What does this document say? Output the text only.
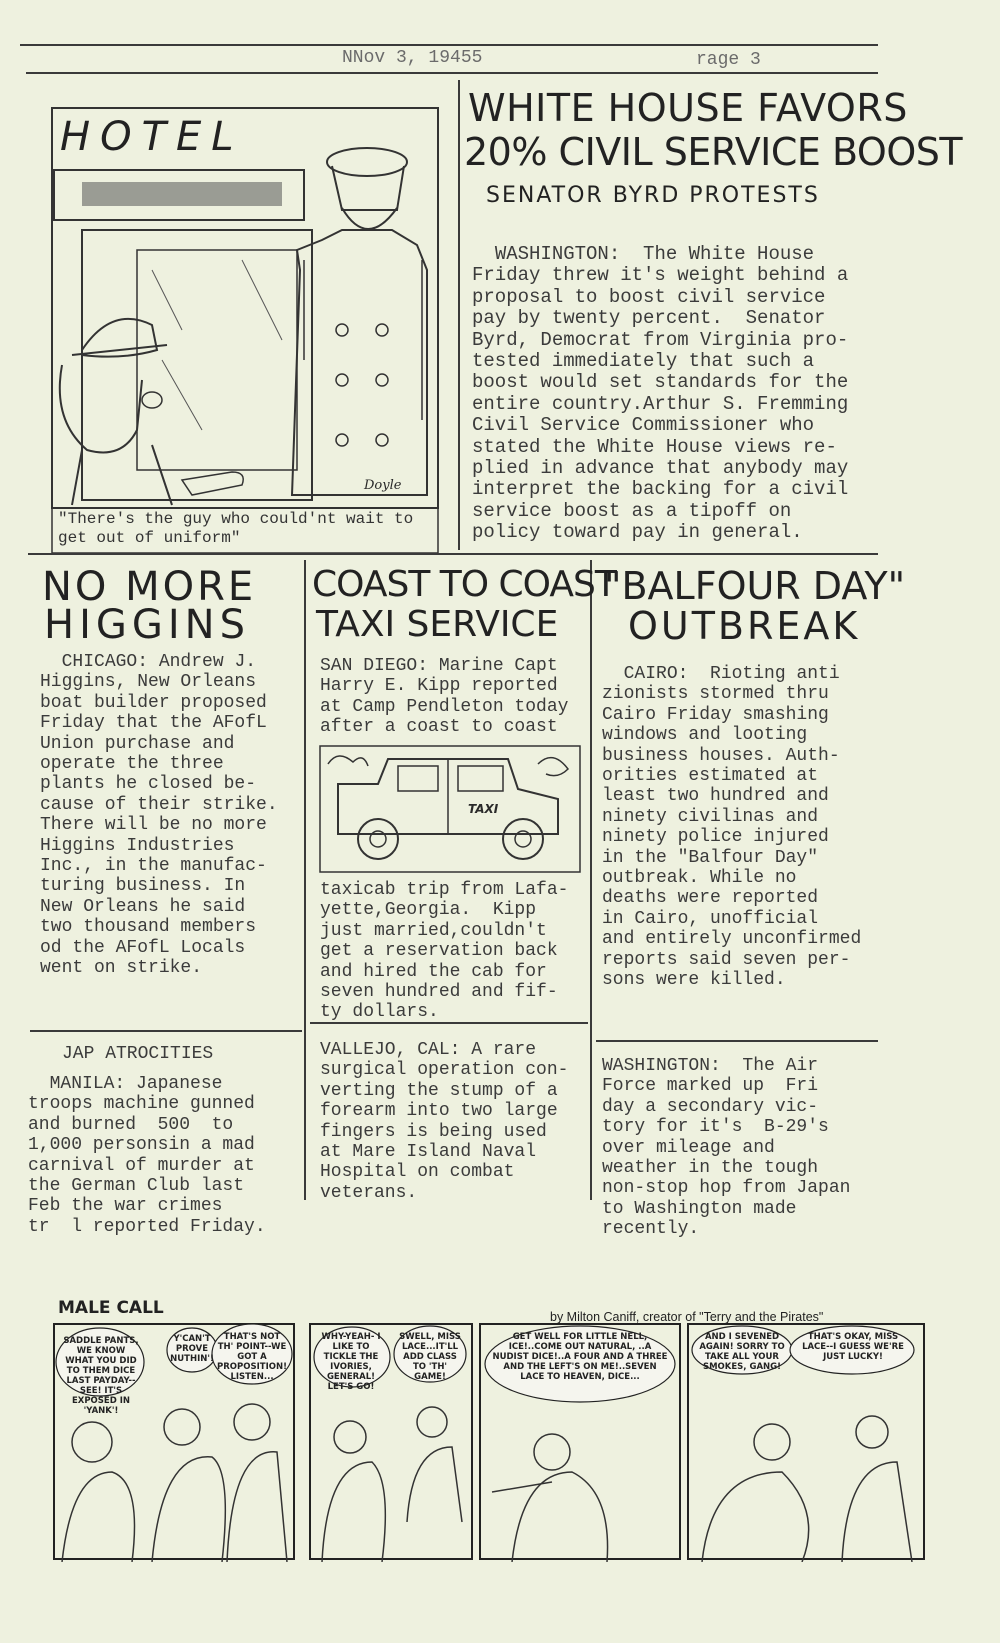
NNov 3, 19455	rage 3
HOTEL
Doyle
"There's the guy who could'nt wait to get out of uniform"
WHITE HOUSE FAVORS
20% CIVIL SERVICE BOOST
SENATOR BYRD PROTESTS
WASHINGTON:  The White House
Friday threw it's weight behind a
proposal to boost civil service
pay by twenty percent.  Senator
Byrd, Democrat from Virginia pro-
tested immediately that such a
boost would set standards for the
entire country.Arthur S. Fremming
Civil Service Commissioner who
stated the White House views re-
plied in advance that anybody may
interpret the backing for a civil
service boost as a tipoff on
policy toward pay in general.
NO MORE
HIGGINS
CHICAGO: Andrew J.
Higgins, New Orleans
boat builder proposed
Friday that the AFofL
Union purchase and
operate the three
plants he closed be-
cause of their strike.
There will be no more
Higgins Industries
Inc., in the manufac-
turing business. In
New Orleans he said
two thousand members
od the AFofL Locals
went on strike.
COAST TO COAST
TAXI SERVICE
SAN DIEGO: Marine Capt
Harry E. Kipp reported
at Camp Pendleton today
after a coast to coast
TAXI
taxicab trip from Lafa-
yette,Georgia.  Kipp
just married,couldn't
get a reservation back
and hired the cab for
seven hundred and fif-
ty dollars.
"BALFOUR DAY"
OUTBREAK
CAIRO:  Rioting anti
zionists stormed thru
Cairo Friday smashing
windows and looting
business houses. Auth-
orities estimated at
least two hundred and
ninety civilinas and
ninety police injured
in the "Balfour Day"
outbreak. While no
deaths were reported
in Cairo, unofficial
and entirely unconfirmed
reports said seven per-
sons were killed.
JAP ATROCITIES
MANILA: Japanese
troops machine gunned
and burned  500  to
1,000 personsin a mad
carnival of murder at
the German Club last
Feb the war crimes
tr  l reported Friday.
VALLEJO, CAL: A rare
surgical operation con-
verting the stump of a
forearm into two large
fingers is being used
at Mare Island Naval
Hospital on combat
veterans.
WASHINGTON:  The Air
Force marked up  Fri
day a secondary vic-
tory for it's  B-29's
over mileage and
weather in the tough
non-stop hop from Japan
to Washington made
recently.
MALE CALL	by Milton Caniff, creator of "Terry and the Pirates"
SADDLE PANTS, WE KNOW WHAT YOU DID TO THEM DICE LAST PAYDAY-- SEE! IT'S EXPOSED IN 'YANK'!
Y'CAN'T PROVE NUTHIN'!
THAT'S NOT TH' POINT--WE GOT A PROPOSITION! LISTEN...
WHY-YEAH- I LIKE TO TICKLE THE IVORIES, GENERAL! LET'S GO!
SWELL, MISS LACE...IT'LL ADD CLASS TO 'TH' GAME!
GET WELL FOR LITTLE NELL, ICE!..COME OUT NATURAL, ..A NUDIST DICE!..A FOUR AND A THREE AND THE LEFT'S ON ME!..SEVEN LACE TO HEAVEN, DICE...
AND I SEVENED AGAIN! SORRY TO TAKE ALL YOUR SMOKES, GANG!
THAT'S OKAY, MISS LACE--I GUESS WE'RE JUST LUCKY!
